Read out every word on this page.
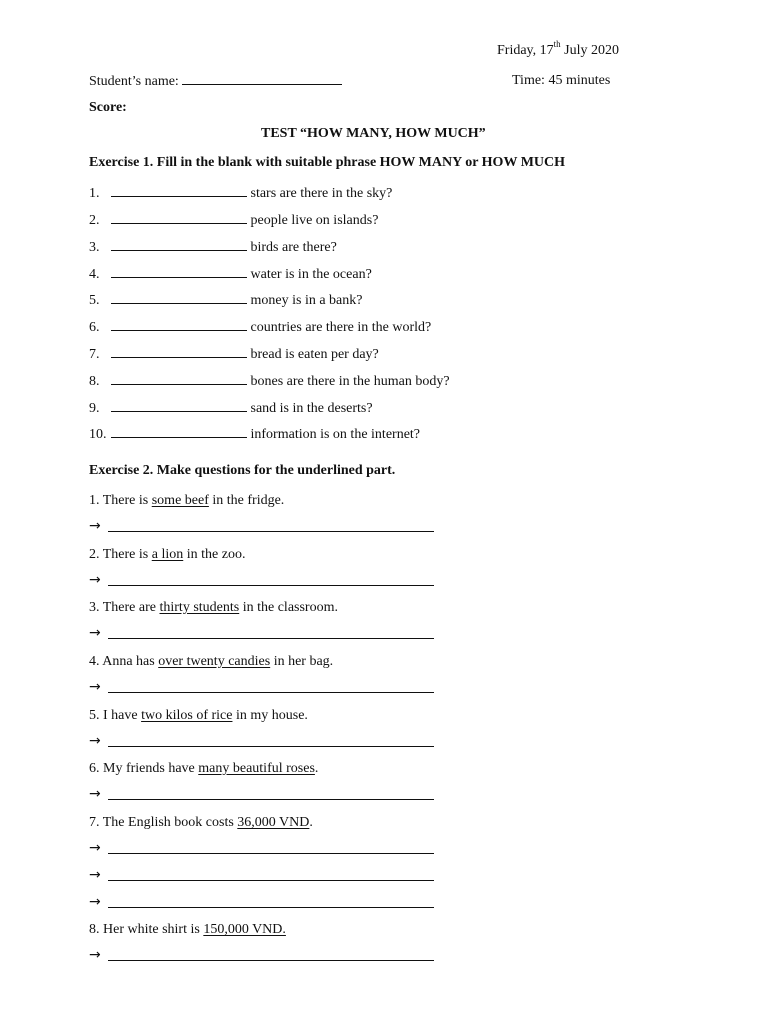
Friday, 17th July 2020
Student’s name:	Time: 45 minutes
Score:
TEST “HOW MANY, HOW MUCH”
Exercise 1. Fill in the blank with suitable phrase HOW MANY or HOW MUCH
1.	stars are there in the sky?
2.	people live on islands?
3.	birds are there?
4.	water is in the ocean?
5.	money is in a bank?
6.	countries are there in the world?
7.	bread is eaten per day?
8.	bones are there in the human body?
9.	sand is in the deserts?
10.	information is on the internet?
Exercise 2. Make questions for the underlined part.
1. There is some beef in the fridge.
→
2. There is a lion in the zoo.
→
3. There are thirty students in the classroom.
→
4. Anna has over twenty candies in her bag.
→
5. I have two kilos of rice in my house.
→
6. My friends have many beautiful roses.
→
7. The English book costs 36,000 VND.
→
→
→
8. Her white shirt is 150,000 VND.
→
